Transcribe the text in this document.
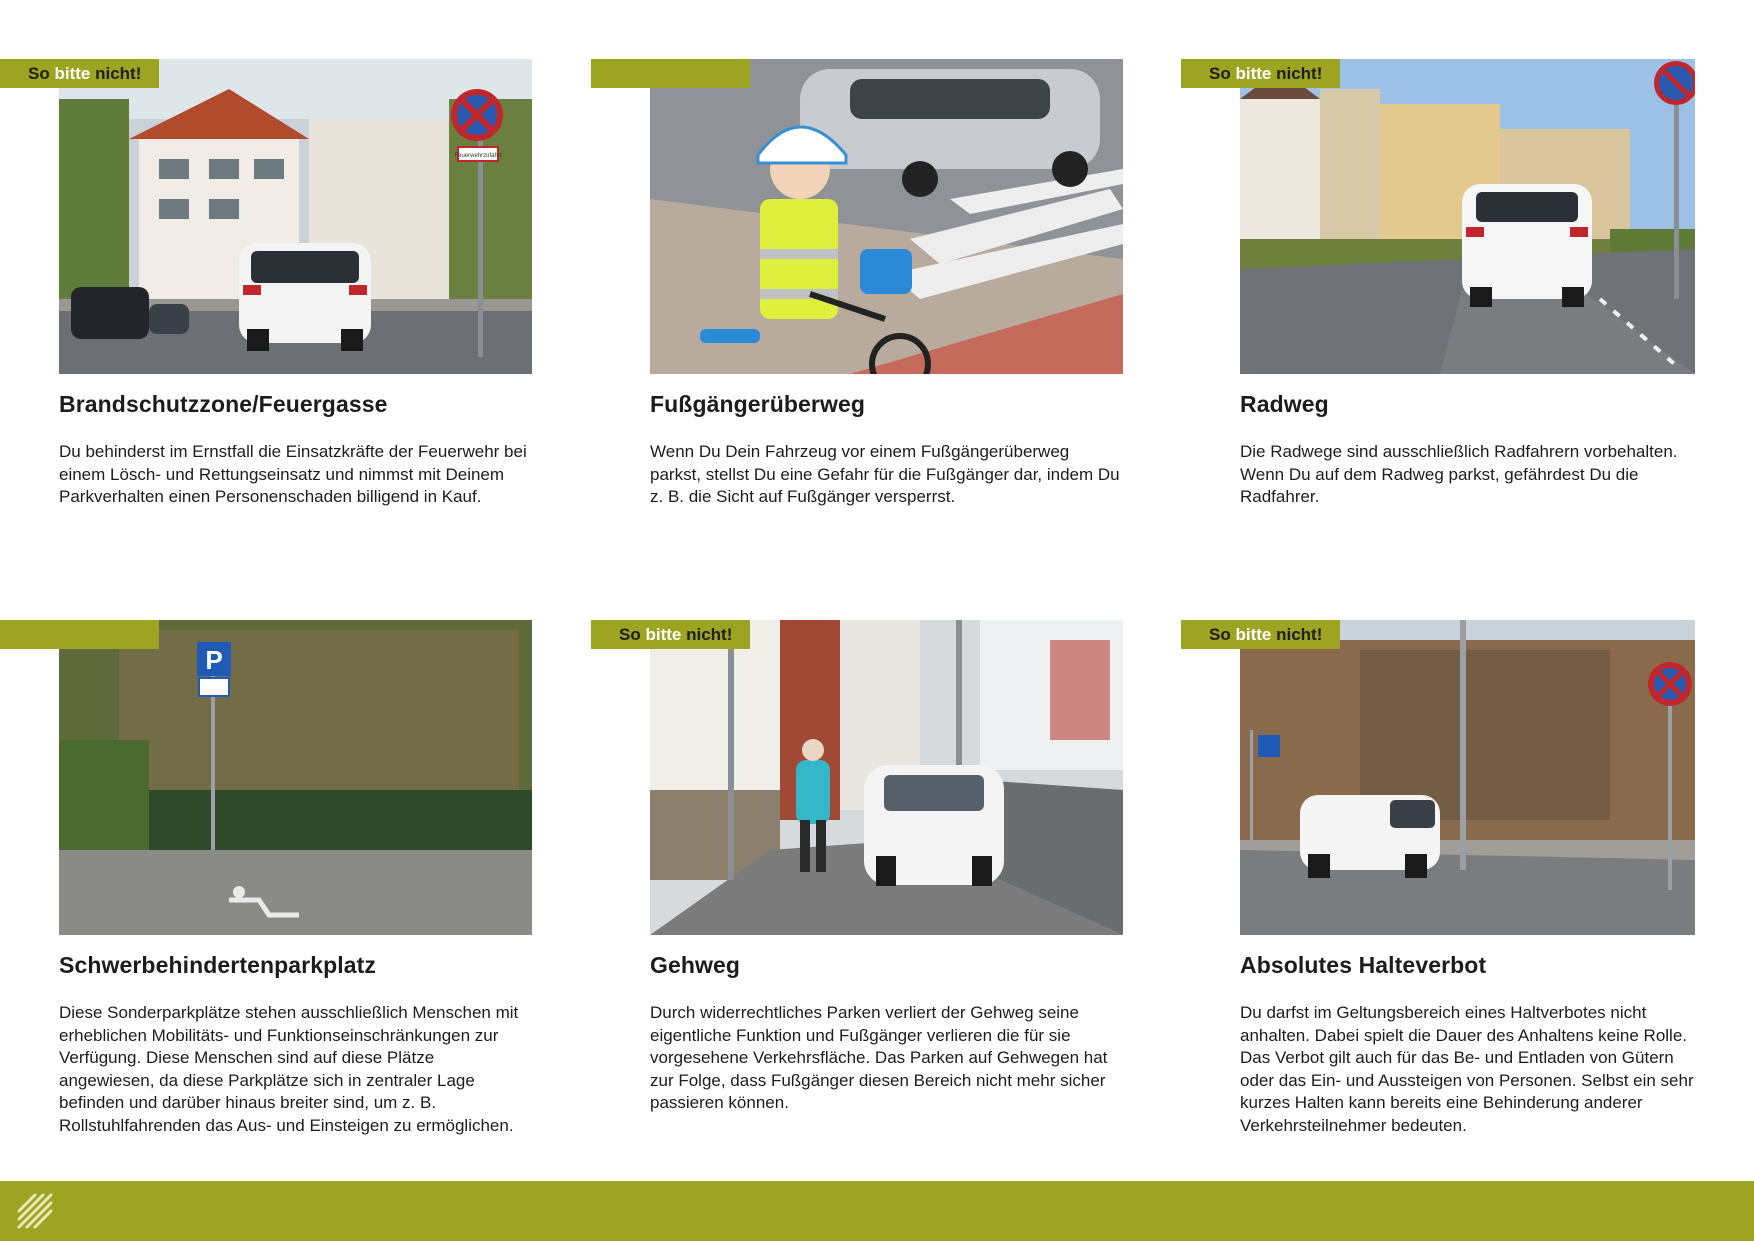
Feuerwehrzufahrt
So bitte nicht!
Brandschutzzone/Feuergasse
Du behinderst im Ernstfall die Einsatzkräfte der Feuerwehr bei einem Lösch- und Rettungseinsatz und nimmst mit Deinem Parkverhalten einen Personenschaden billigend in Kauf.
Fußgängerüberweg
Wenn Du Dein Fahrzeug vor einem Fußgängerüberweg parkst, stellst Du eine Gefahr für die Fußgänger dar, indem Du z. B. die Sicht auf Fußgänger versperrst.
So bitte nicht!
Radweg
Die Radwege sind ausschließlich Radfahrern vorbehalten. Wenn Du auf dem Radweg parkst, gefährdest Du die Radfahrer.
P
Schwerbehindertenparkplatz
Diese Sonderparkplätze stehen ausschließlich Menschen mit erheblichen Mobilitäts- und Funktionseinschränkungen zur Verfügung. Diese Menschen sind auf diese Plätze angewiesen, da diese Parkplätze sich in zentraler Lage befinden und darüber hinaus breiter sind, um z. B. Rollstuhlfahrenden das Aus- und Einsteigen zu ermöglichen.
So bitte nicht!
Gehweg
Durch widerrechtliches Parken verliert der Gehweg seine eigentliche Funktion und Fußgänger verlieren die für sie vorgesehene Verkehrsfläche. Das Parken auf Gehwegen hat zur Folge, dass Fußgänger diesen Bereich nicht mehr sicher passieren können.
So bitte nicht!
Absolutes Halteverbot
Du darfst im Geltungsbereich eines Haltverbotes nicht anhalten. Dabei spielt die Dauer des Anhaltens keine Rolle. Das Verbot gilt auch für das Be- und Entladen von Gütern oder das Ein- und Aussteigen von Personen. Selbst ein sehr kurzes Halten kann bereits eine Behinderung anderer Verkehrsteilnehmer bedeuten.
